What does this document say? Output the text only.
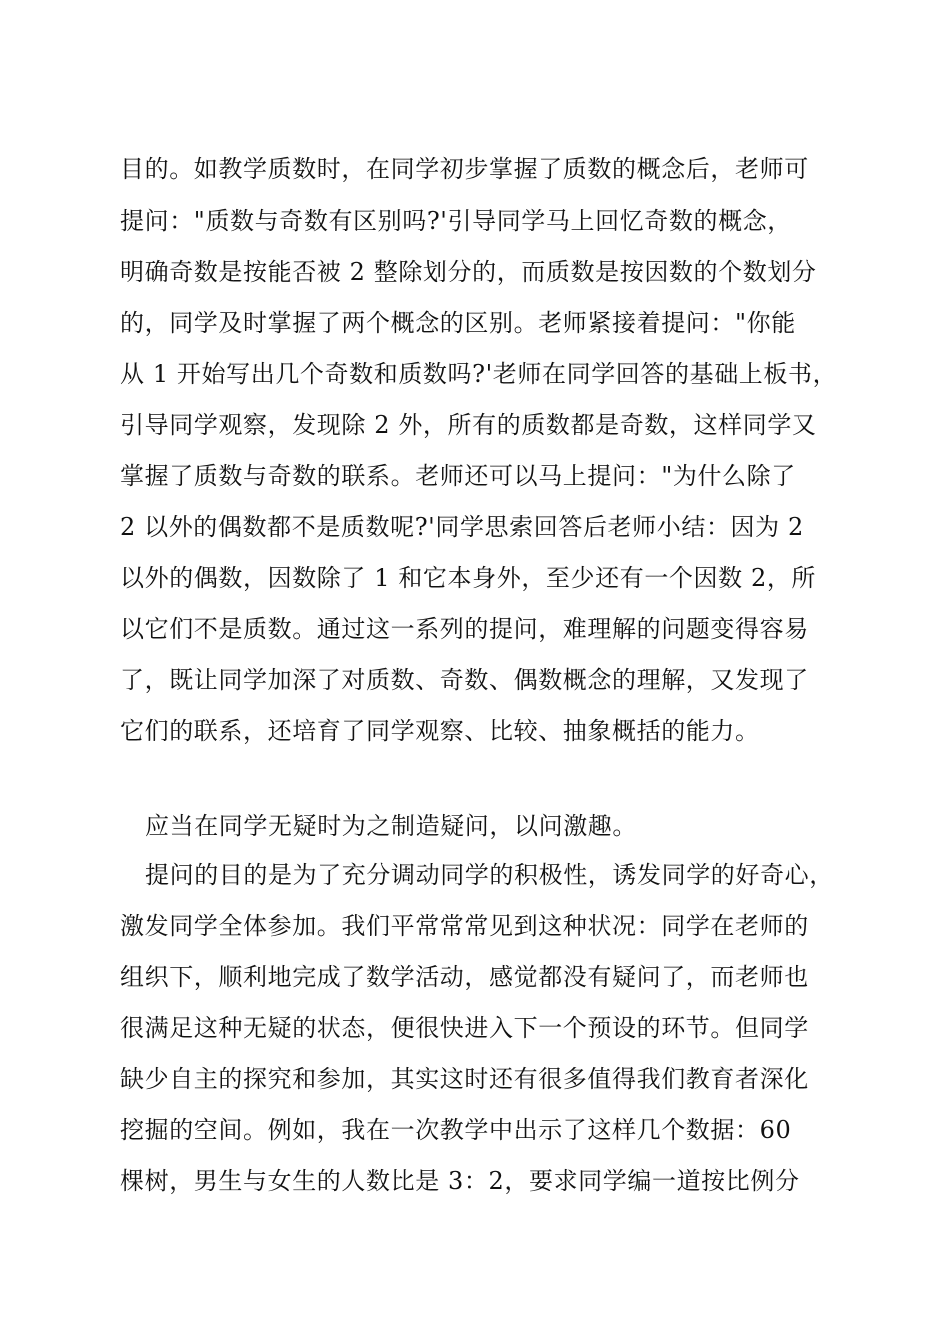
目的。如教学质数时，在同学初步掌握了质数的概念后，老师可
提问："质数与奇数有区别吗?'引导同学马上回忆奇数的概念，
明确奇数是按能否被 2 整除划分的，而质数是按因数的个数划分
的，同学及时掌握了两个概念的区别。老师紧接着提问："你能
从 1 开始写出几个奇数和质数吗?'老师在同学回答的基础上板书，
引导同学观察，发现除 2 外，所有的质数都是奇数，这样同学又
掌握了质数与奇数的联系。老师还可以马上提问："为什么除了
2 以外的偶数都不是质数呢?'同学思索回答后老师小结：因为 2
以外的偶数，因数除了 1 和它本身外，至少还有一个因数 2，所
以它们不是质数。通过这一系列的提问，难理解的问题变得容易
了，既让同学加深了对质数、奇数、偶数概念的理解，又发现了
它们的联系，还培育了同学观察、比较、抽象概括的能力。
应当在同学无疑时为之制造疑问，以问激趣。
提问的目的是为了充分调动同学的积极性，诱发同学的好奇心，
激发同学全体参加。我们平常常常见到这种状况：同学在老师的
组织下，顺利地完成了数学活动，感觉都没有疑问了，而老师也
很满足这种无疑的状态，便很快进入下一个预设的环节。但同学
缺少自主的探究和参加，其实这时还有很多值得我们教育者深化
挖掘的空间。例如，我在一次教学中出示了这样几个数据：60
棵树，男生与女生的人数比是 3：2，要求同学编一道按比例分
